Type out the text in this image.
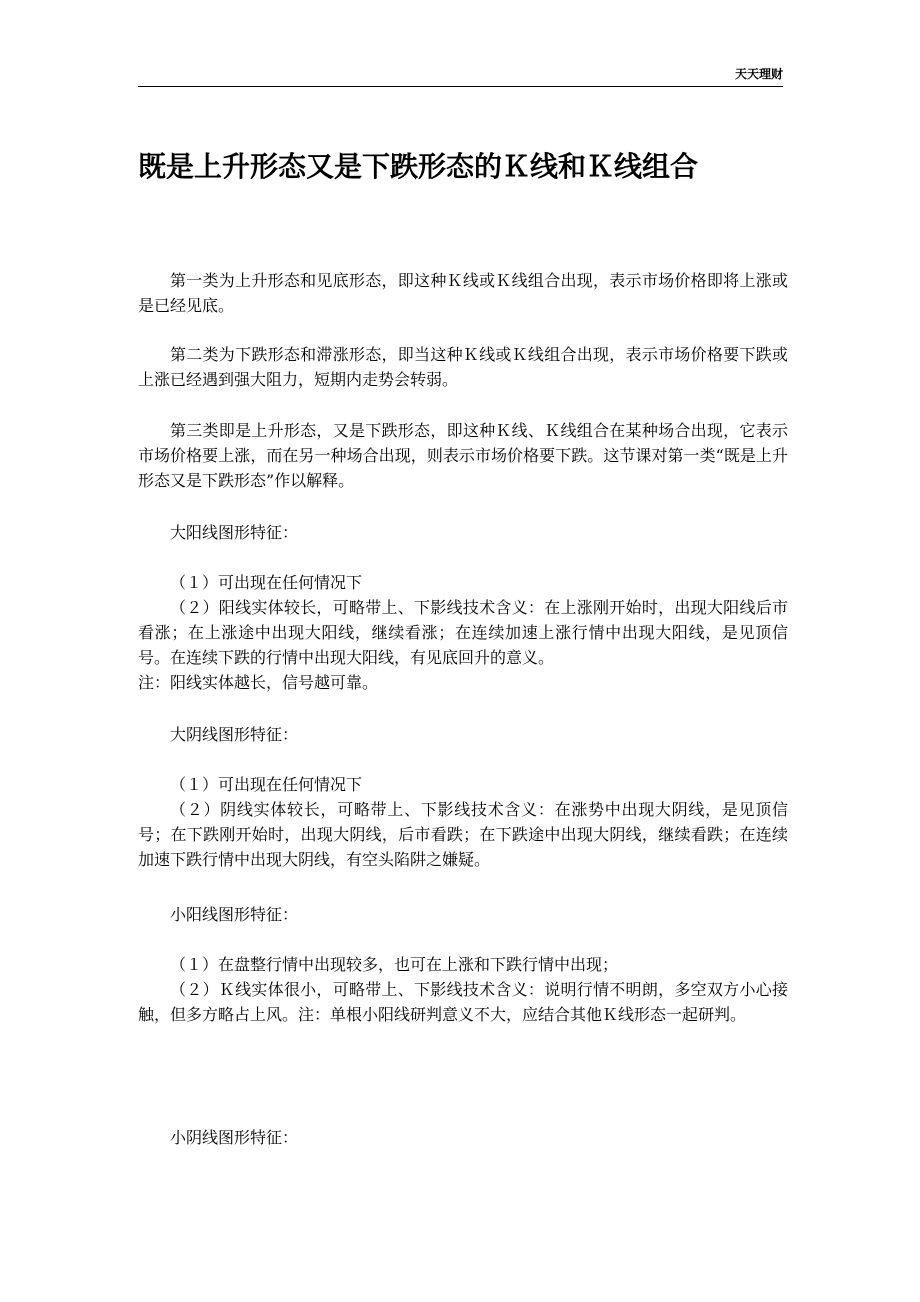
天天理财
既是上升形态又是下跌形态的Ｋ线和Ｋ线组合

第一类为上升形态和见底形态，即这种Ｋ线或Ｋ线组合出现，表示市场价格即将上涨或是已经见底。

第二类为下跌形态和滞涨形态，即当这种Ｋ线或Ｋ线组合出现，表示市场价格要下跌或上涨已经遇到强大阻力，短期内走势会转弱。

第三类即是上升形态，又是下跌形态，即这种Ｋ线、Ｋ线组合在某种场合出现，它表示市场价格要上涨，而在另一种场合出现，则表示市场价格要下跌。这节课对第一类“既是上升形态又是下跌形态”作以解释。

大阳线图形特征：

（１）可出现在任何情况下
（２）阳线实体较长，可略带上、下影线技术含义：在上涨刚开始时，出现大阳线后市看涨；在上涨途中出现大阳线，继续看涨；在连续加速上涨行情中出现大阳线，是见顶信号。在连续下跌的行情中出现大阳线，有见底回升的意义。
注：阳线实体越长，信号越可靠。

大阴线图形特征：

（１）可出现在任何情况下
（２）阴线实体较长，可略带上、下影线技术含义：在涨势中出现大阴线，是见顶信号；在下跌刚开始时，出现大阴线，后市看跌；在下跌途中出现大阴线，继续看跌；在连续加速下跌行情中出现大阴线，有空头陷阱之嫌疑。

小阳线图形特征：

（１）在盘整行情中出现较多，也可在上涨和下跌行情中出现；
（２）Ｋ线实体很小，可略带上、下影线技术含义：说明行情不明朗，多空双方小心接触，但多方略占上风。注：单根小阳线研判意义不大，应结合其他Ｋ线形态一起研判。

小阴线图形特征：
